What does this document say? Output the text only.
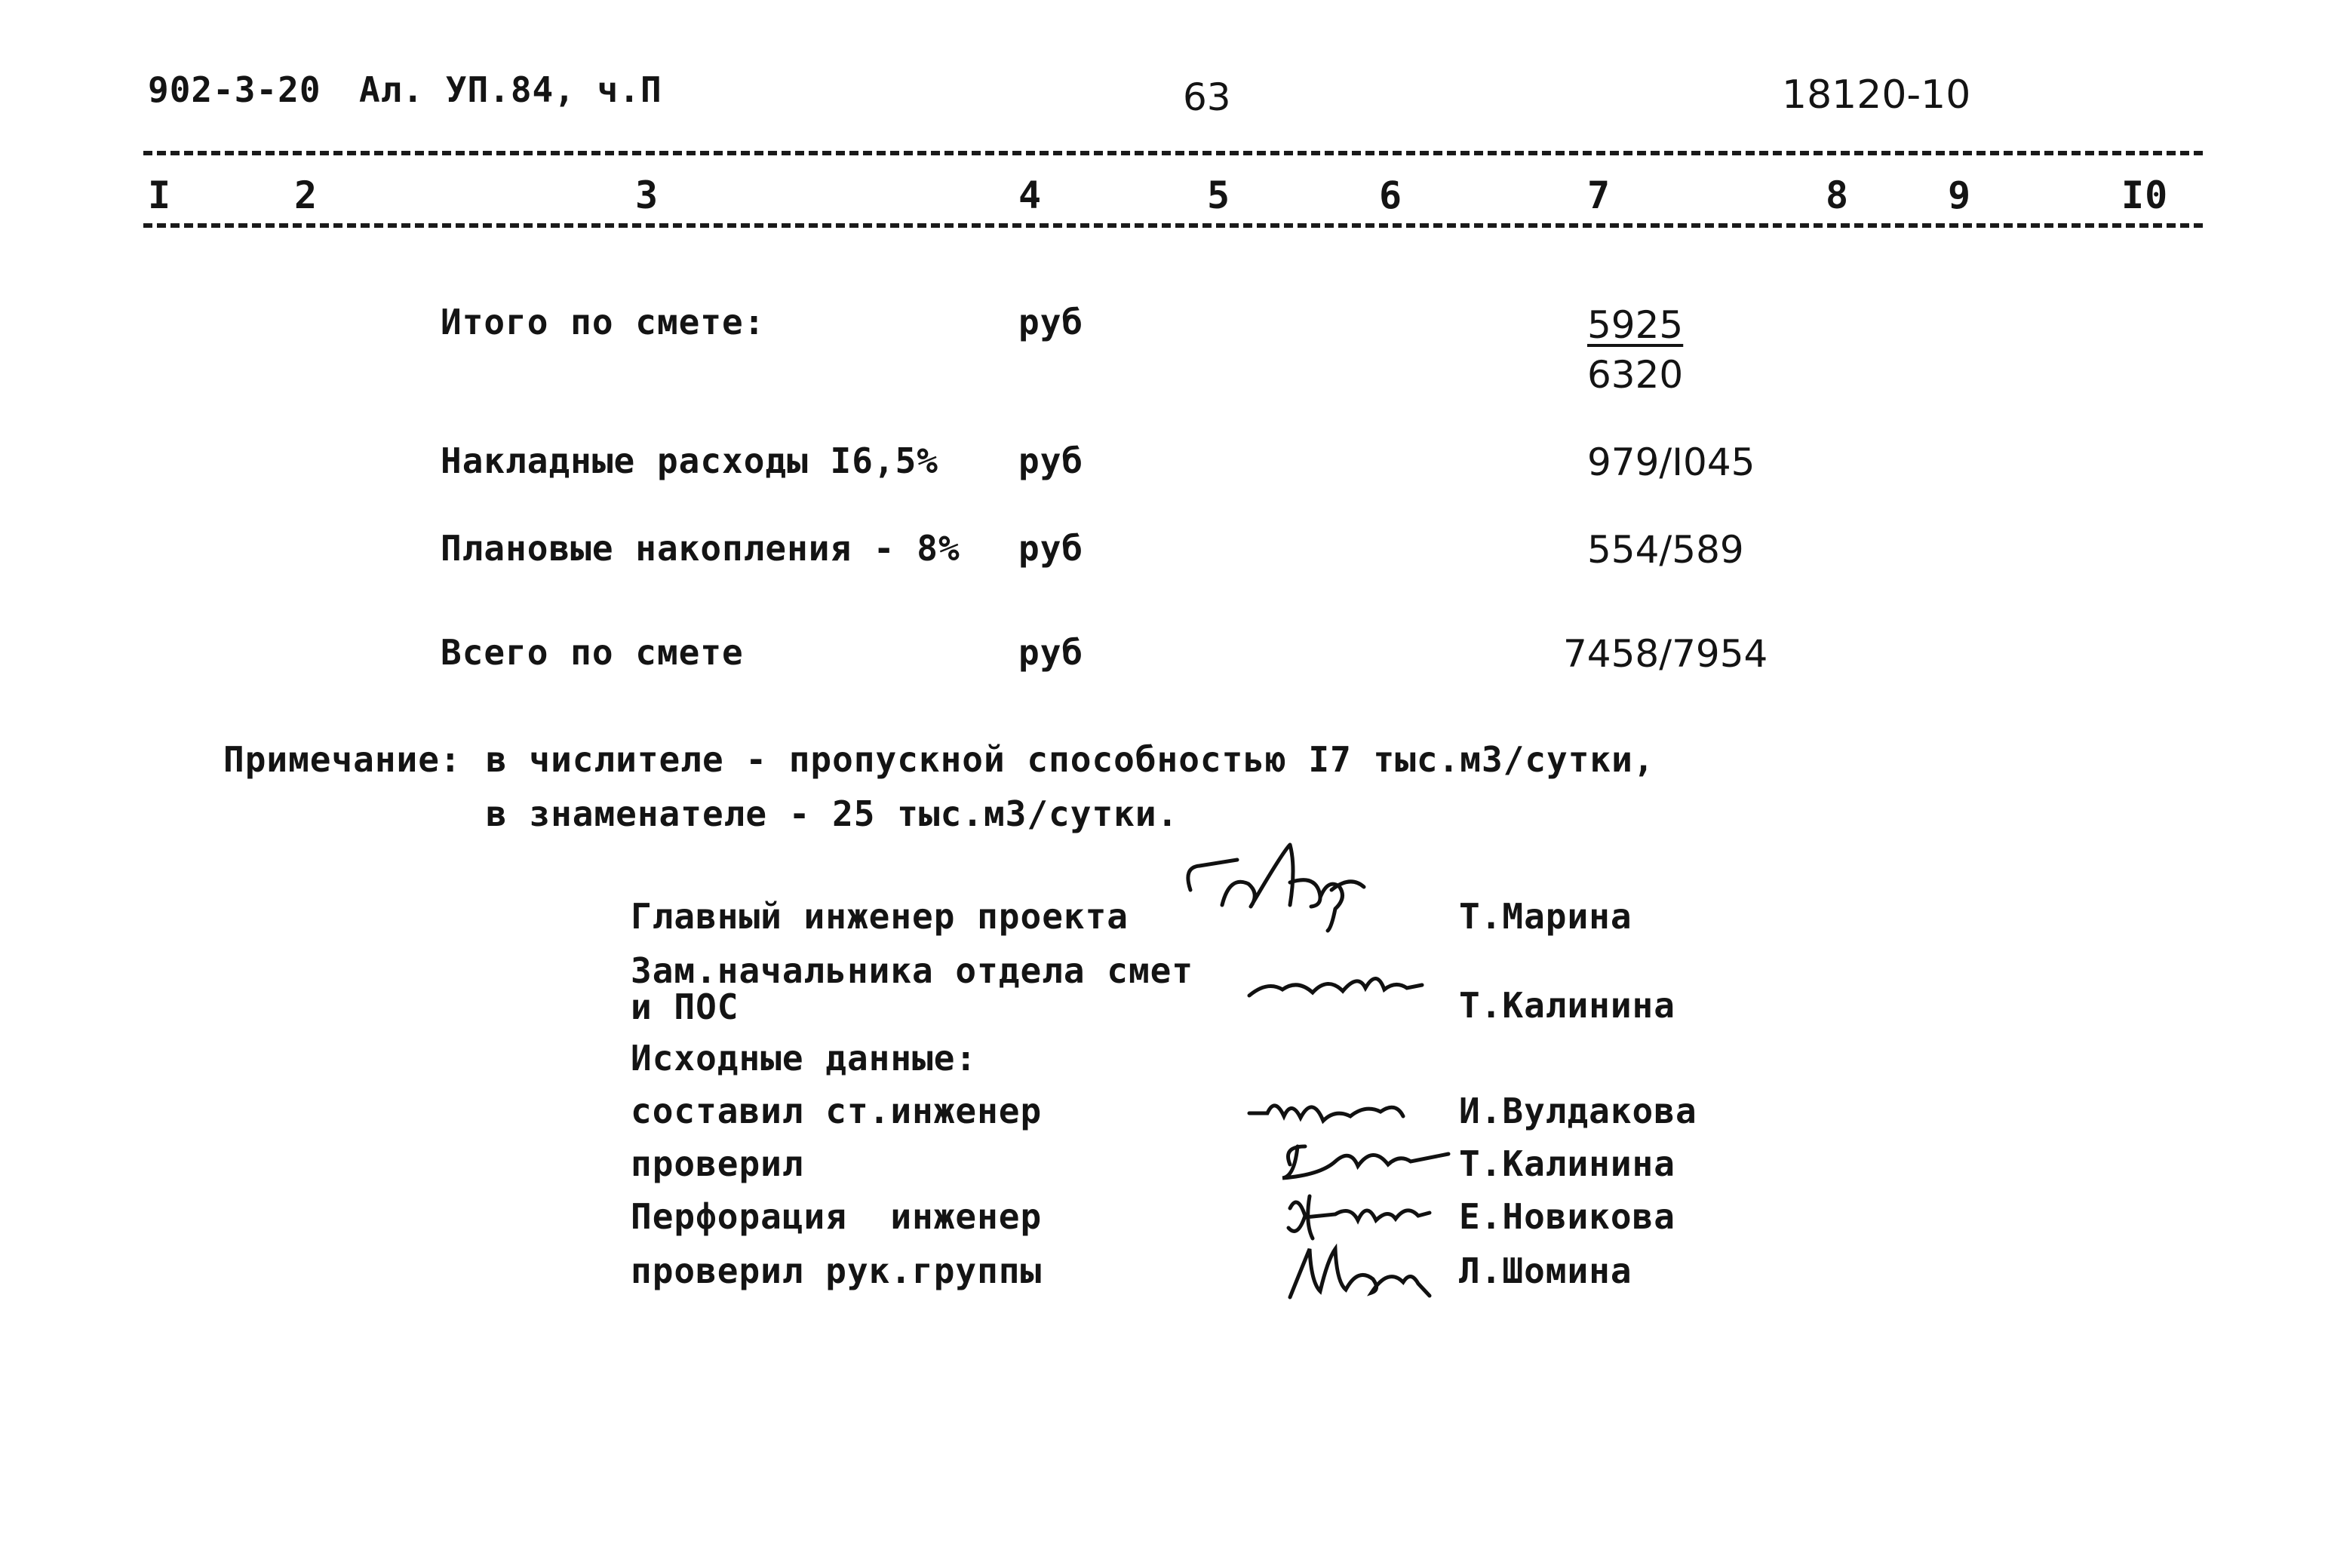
902-3-20 Ал. УП.84, ч.П	63	18120-10
I	2	3	4	5	6	7	8	9	I0
Итого по смете:	руб	5925
6320
Накладные расходы I6,5% руб	979/I045
Плановые накопления - 8% руб	554/589
Всего по смете	руб	7458/7954
Примечание: в числителе - пропускной способностью I7 тыс.м3/сутки,
в знаменателе - 25 тыс.м3/сутки.
Главный инженер проекта	Т.Марина
Зам.начальника отдела смет
и ПОС	Т.Калинина
Исходные данные:
составил ст.инженер	И.Вулдакова
проверил	Т.Калинина
Перфорация  инженер	Е.Новикова
проверил рук.группы	Л.Шомина
